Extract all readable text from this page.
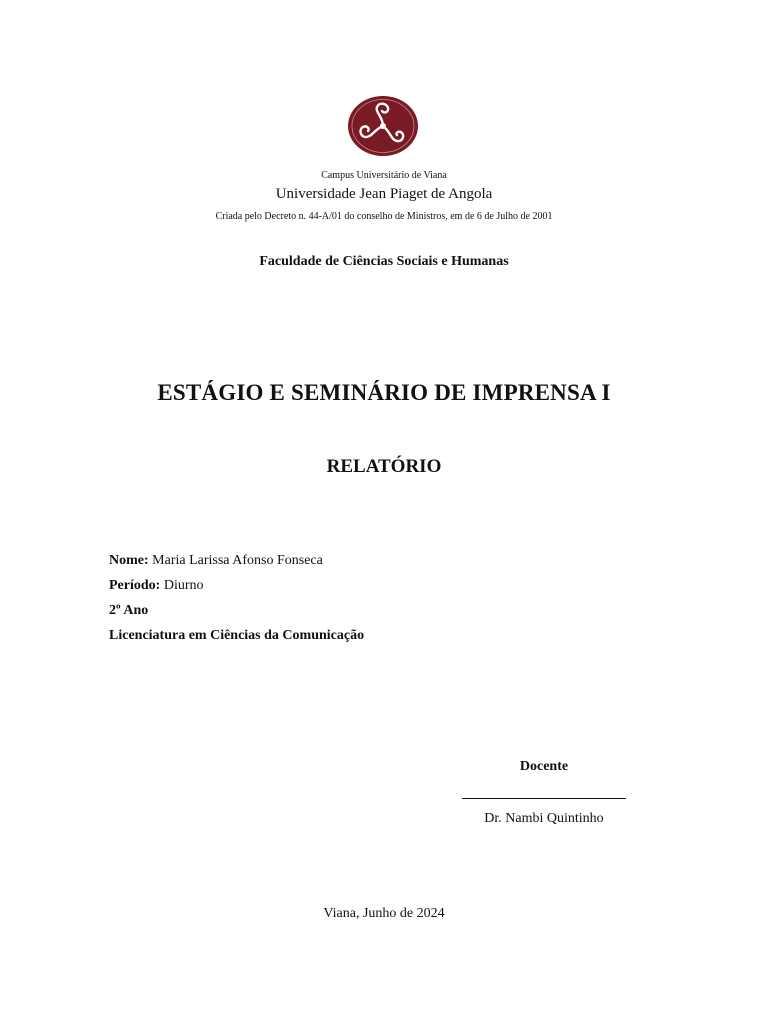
Campus Universitário de Viana
Universidade Jean Piaget de Angola
Criada pelo Decreto n. 44-A/01 do conselho de Ministros, em de 6 de Julho de 2001
Faculdade de Ciências Sociais e Humanas
ESTÁGIO E SEMINÁRIO DE IMPRENSA I
RELATÓRIO
Nome: Maria Larissa Afonso Fonseca
Período: Diurno
2º Ano
Licenciatura em Ciências da Comunicação
Docente
Dr. Nambi Quintinho
Viana, Junho de 2024
